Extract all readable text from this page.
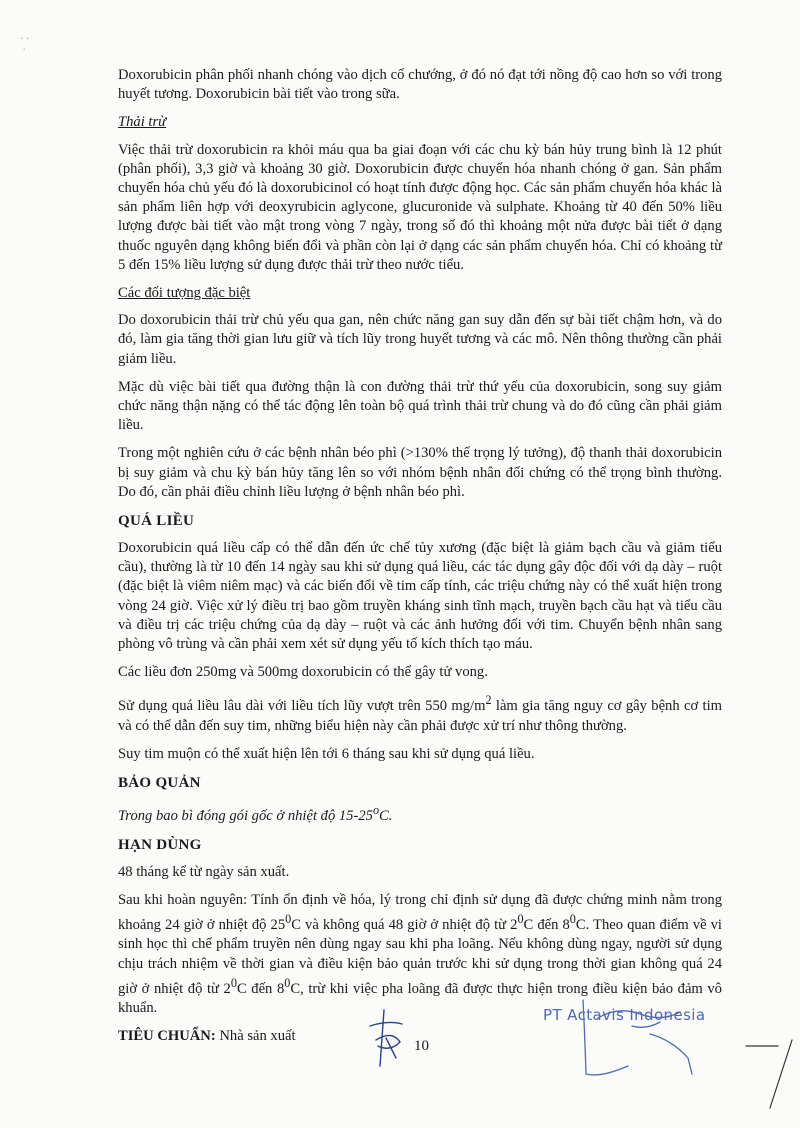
· ·
·

Doxorubicin phân phối nhanh chóng vào dịch cổ chướng, ở đó nó đạt tới nồng độ cao hơn so với trong huyết tương. Doxorubicin bài tiết vào trong sữa.

Thải trừ

Việc thải trừ doxorubicin ra khỏi máu qua ba giai đoạn với các chu kỳ bán hủy trung bình là 12 phút (phân phối), 3,3 giờ và khoảng 30 giờ. Doxorubicin được chuyển hóa nhanh chóng ở gan. Sản phẩm chuyển hóa chủ yếu đó là doxorubicinol có hoạt tính được động học. Các sản phẩm chuyển hóa khác là sản phẩm liên hợp với deoxyrubicin aglycone, glucuronide và sulphate. Khoảng từ 40 đến 50% liều lượng được bài tiết vào mật trong vòng 7 ngày, trong số đó thì khoảng một nửa được bài tiết ở dạng thuốc nguyên dạng không biến đổi và phần còn lại ở dạng các sản phẩm chuyển hóa. Chỉ có khoảng từ 5 đến 15% liều lượng sử dụng được thải trừ theo nước tiểu.

Các đối tượng đặc biệt

Do doxorubicin thải trừ chủ yếu qua gan, nên chức năng gan suy dẫn đến sự bài tiết chậm hơn, và do đó, làm gia tăng thời gian lưu giữ và tích lũy trong huyết tương và các mô. Nên thông thường cần phải giảm liều.

Mặc dù việc bài tiết qua đường thận là con đường thải trừ thứ yếu của doxorubicin, song suy giảm chức năng thận nặng có thể tác động lên toàn bộ quá trình thải trừ chung và do đó cũng cần phải giảm liều.

Trong một nghiên cứu ở các bệnh nhân béo phì (>130% thể trọng lý tưởng), độ thanh thải doxorubicin bị suy giảm và chu kỳ bán hủy tăng lên so với nhóm bệnh nhân đối chứng có thể trọng bình thường. Do đó, cần phải điều chỉnh liều lượng ở bệnh nhân béo phì.

QUÁ LIỀU

Doxorubicin quá liều cấp có thể dẫn đến ức chế tủy xương (đặc biệt là giảm bạch cầu và giảm tiểu cầu), thường là từ 10 đến 14 ngày sau khi sử dụng quá liều, các tác dụng gây độc đối với dạ dày – ruột (đặc biệt là viêm niêm mạc) và các biến đổi về tim cấp tính, các triệu chứng này có thể xuất hiện trong vòng 24 giờ. Việc xử lý điều trị bao gồm truyền kháng sinh tĩnh mạch, truyền bạch cầu hạt và tiểu cầu và điều trị các triệu chứng của dạ dày – ruột và các ảnh hưởng đối với tim. Chuyển bệnh nhân sang phòng vô trùng và cần phải xem xét sử dụng yếu tố kích thích tạo máu.

Các liều đơn 250mg và 500mg doxorubicin có thể gây tử vong.

Sử dụng quá liều lâu dài với liều tích lũy vượt trên 550 $mg/m^2$ làm gia tăng nguy cơ gây bệnh cơ tim và có thể dẫn đến suy tim, những biểu hiện này cần phải được xử trí như thông thường.

Suy tim muộn có thể xuất hiện lên tới 6 tháng sau khi sử dụng quá liều.

BẢO QUẢN

Trong bao bì đóng gói gốc ở nhiệt độ 15-25$^o$C.

HẠN DÙNG

48 tháng kể từ ngày sản xuất.

Sau khi hoàn nguyên: Tính ổn định về hóa, lý trong chỉ định sử dụng đã được chứng minh nằm trong khoảng 24 giờ ở nhiệt độ $25^0C$ và không quá 48 giờ ở nhiệt độ từ $2^0C$ đến $8^0C$. Theo quan điểm về vi sinh học thì chế phẩm truyền nên dùng ngay sau khi pha loãng. Nếu không dùng ngay, người sử dụng chịu trách nhiệm về thời gian và điều kiện bảo quản trước khi sử dụng trong thời gian không quá 24 giờ ở nhiệt độ từ $2^0C$ đến $8^0C$, trừ khi việc pha loãng đã được thực hiện trong điều kiện bảo đảm vô khuẩn.

TIÊU CHUẨN: Nhà sản xuất

10
PT Actavis Indonesia
